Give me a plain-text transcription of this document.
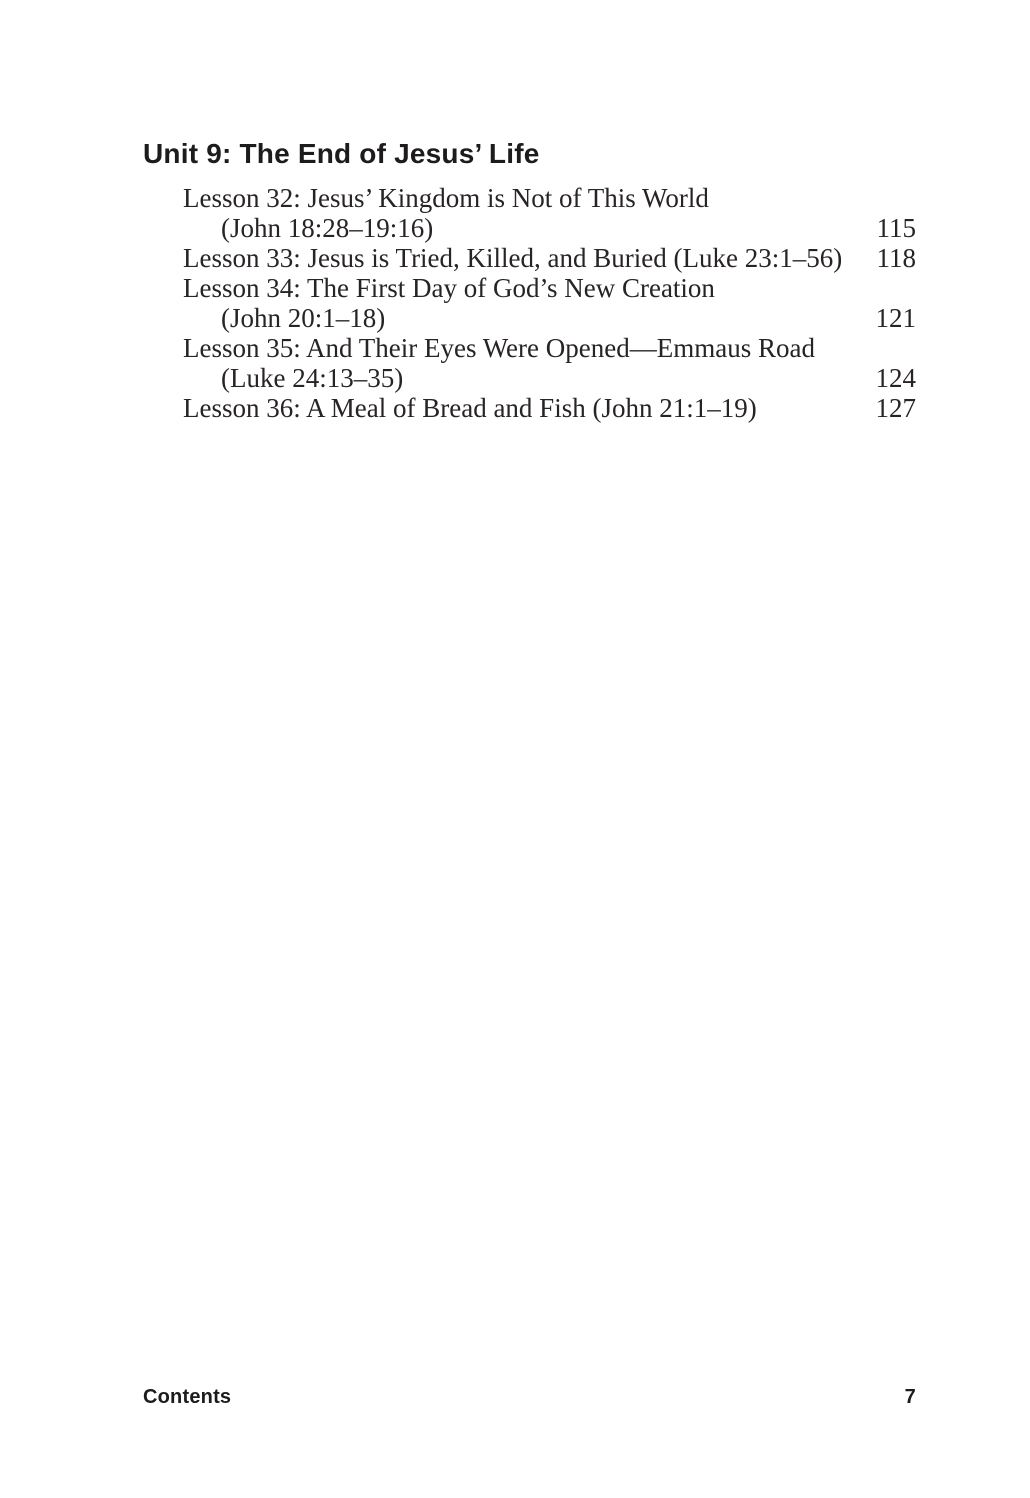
Unit 9: The End of Jesus’ Life
Lesson 32: Jesus’ Kingdom is Not of This World
(John 18:28–19:16)	115
Lesson 33: Jesus is Tried, Killed, and Buried (Luke 23:1–56)	118
Lesson 34: The First Day of God’s New Creation
(John 20:1–18)	121
Lesson 35: And Their Eyes Were Opened—Emmaus Road
(Luke 24:13–35)	124
Lesson 36: A Meal of Bread and Fish (John 21:1–19)	127
Contents	7
